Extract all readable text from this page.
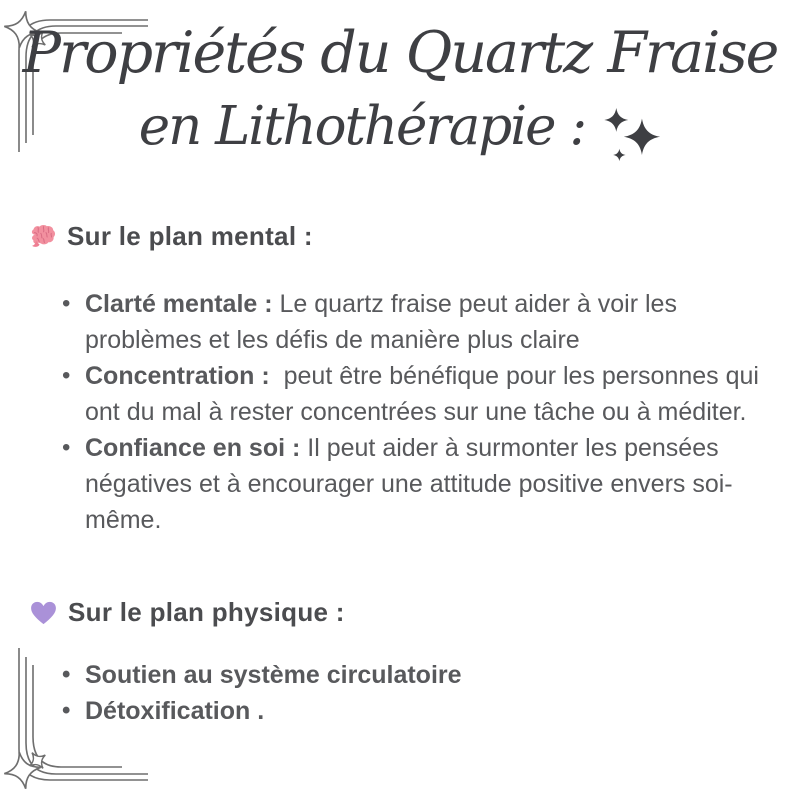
Propriétés du Quartz Fraise
en Lithothérapie :
Sur le plan mental :
• Clarté mentale : Le quartz fraise peut aider à voir les problèmes et les défis de manière plus claire
• Concentration :  peut être bénéfique pour les personnes qui ont du mal à rester concentrées sur une tâche ou à méditer.
• Confiance en soi : Il peut aider à surmonter les pensées négatives et à encourager une attitude positive envers soi-même.
Sur le plan physique :
• Soutien au système circulatoire
• Détoxification .
